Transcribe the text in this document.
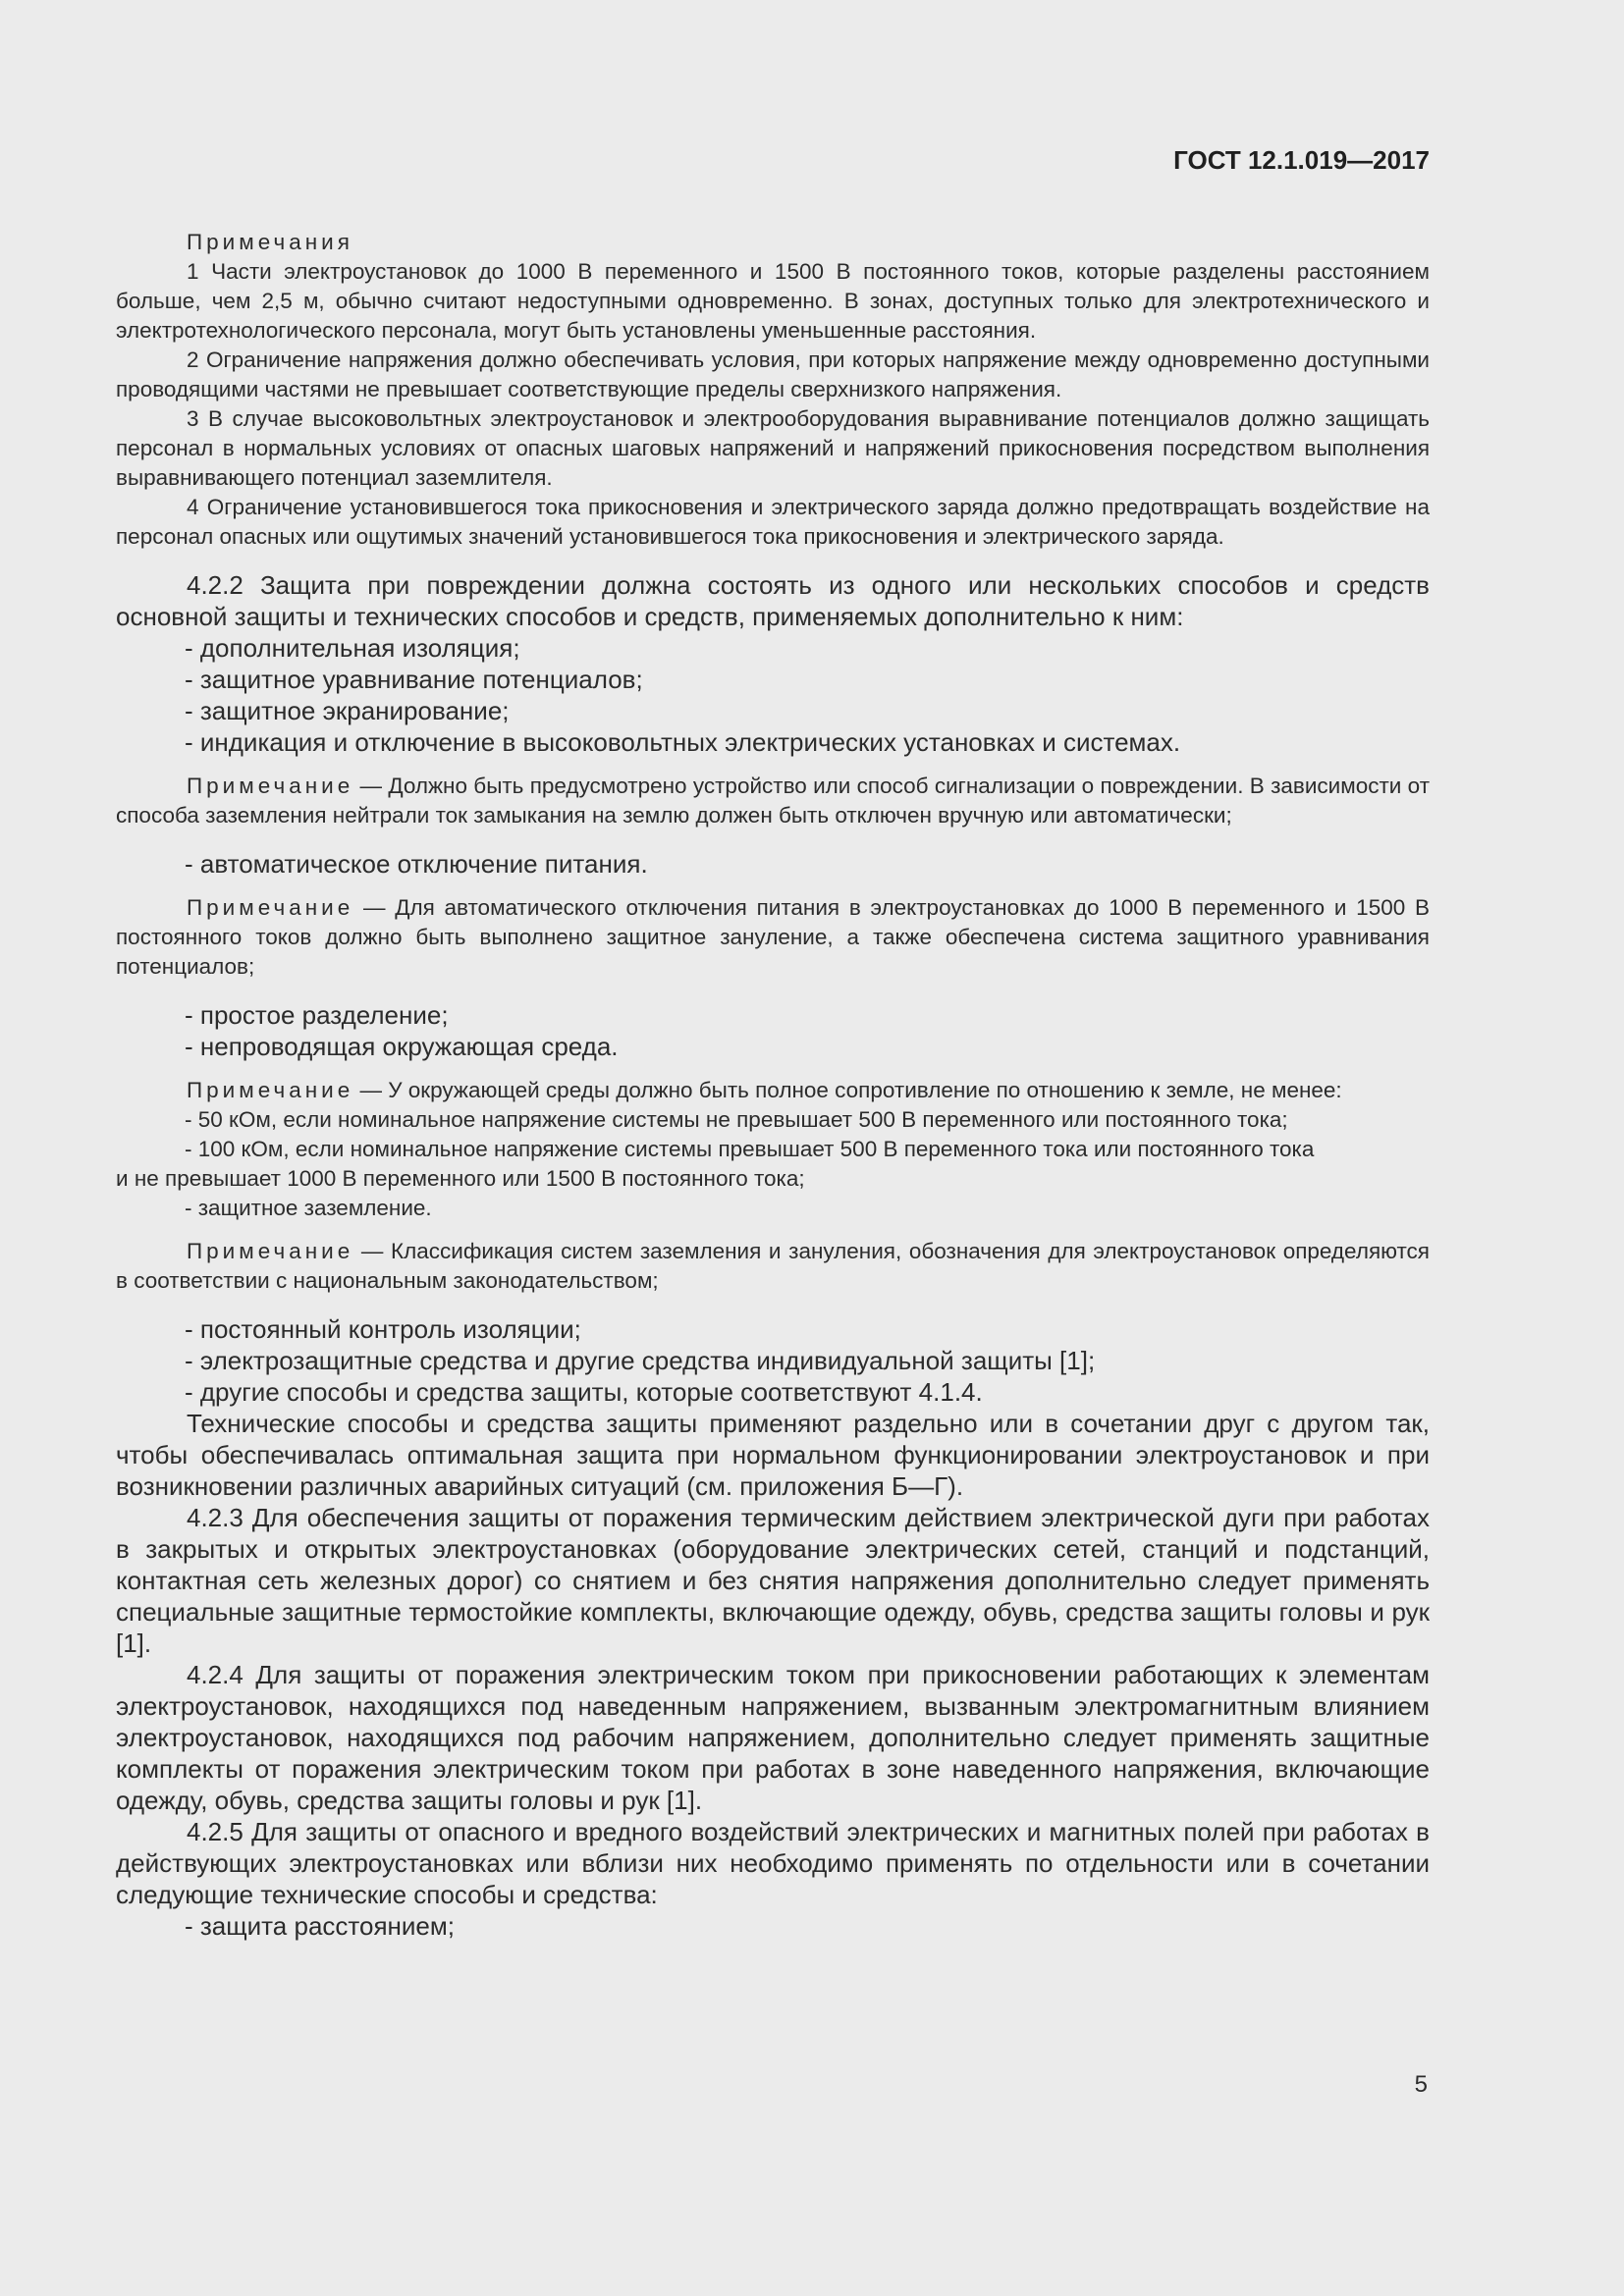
ГОСТ 12.1.019—2017

Примечания

1 Части электроустановок до 1000 В переменного и 1500 В постоянного токов, которые разделены расстоянием больше, чем 2,5 м, обычно считают недоступными одновременно. В зонах, доступных только для электротехнического и электротехнологического персонала, могут быть установлены уменьшенные расстояния.

2 Ограничение напряжения должно обеспечивать условия, при которых напряжение между одновременно доступными проводящими частями не превышает соответствующие пределы сверхнизкого напряжения.

3 В случае высоковольтных электроустановок и электрооборудования выравнивание потенциалов должно защищать персонал в нормальных условиях от опасных шаговых напряжений и напряжений прикосновения посредством выполнения выравнивающего потенциал заземлителя.

4 Ограничение установившегося тока прикосновения и электрического заряда должно предотвращать воздействие на персонал опасных или ощутимых значений установившегося тока прикосновения и электрического заряда.

4.2.2 Защита при повреждении должна состоять из одного или нескольких способов и средств основной защиты и технических способов и средств, применяемых дополнительно к ним:

- дополнительная изоляция;

- защитное уравнивание потенциалов;

- защитное экранирование;

- индикация и отключение в высоковольтных электрических установках и системах.

Примечание — Должно быть предусмотрено устройство или способ сигнализации о повреждении. В зависимости от способа заземления нейтрали ток замыкания на землю должен быть отключен вручную или автоматически;

- автоматическое отключение питания.

Примечание — Для автоматического отключения питания в электроустановках до 1000 В переменного и 1500 В постоянного токов должно быть выполнено защитное зануление, а также обеспечена система защитного уравнивания потенциалов;

- простое разделение;

- непроводящая окружающая среда.

Примечание — У окружающей среды должно быть полное сопротивление по отношению к земле, не менее:

- 50 кОм, если номинальное напряжение системы не превышает 500 В переменного или постоянного тока;

- 100 кОм, если номинальное напряжение системы превышает 500 В переменного тока или постоянного тока

и не превышает 1000 В переменного или 1500 В постоянного тока;

- защитное заземление.

Примечание — Классификация систем заземления и зануления, обозначения для электроустановок определяются в соответствии с национальным законодательством;

- постоянный контроль изоляции;

- электрозащитные средства и другие средства индивидуальной защиты [1];

- другие способы и средства защиты, которые соответствуют 4.1.4.

Технические способы и средства защиты применяют раздельно или в сочетании друг с другом так, чтобы обеспечивалась оптимальная защита при нормальном функционировании электроустановок и при возникновении различных аварийных ситуаций (см. приложения Б—Г).

4.2.3 Для обеспечения защиты от поражения термическим действием электрической дуги при работах в закрытых и открытых электроустановках (оборудование электрических сетей, станций и подстанций, контактная сеть железных дорог) со снятием и без снятия напряжения дополнительно следует применять специальные защитные термостойкие комплекты, включающие одежду, обувь, средства защиты головы и рук [1].

4.2.4 Для защиты от поражения электрическим током при прикосновении работающих к элементам электроустановок, находящихся под наведенным напряжением, вызванным электромагнитным влиянием электроустановок, находящихся под рабочим напряжением, дополнительно следует применять защитные комплекты от поражения электрическим током при работах в зоне наведенного напряжения, включающие одежду, обувь, средства защиты головы и рук [1].

4.2.5 Для защиты от опасного и вредного воздействий электрических и магнитных полей при работах в действующих электроустановках или вблизи них необходимо применять по отдельности или в сочетании следующие технические способы и средства:

- защита расстоянием;

5
